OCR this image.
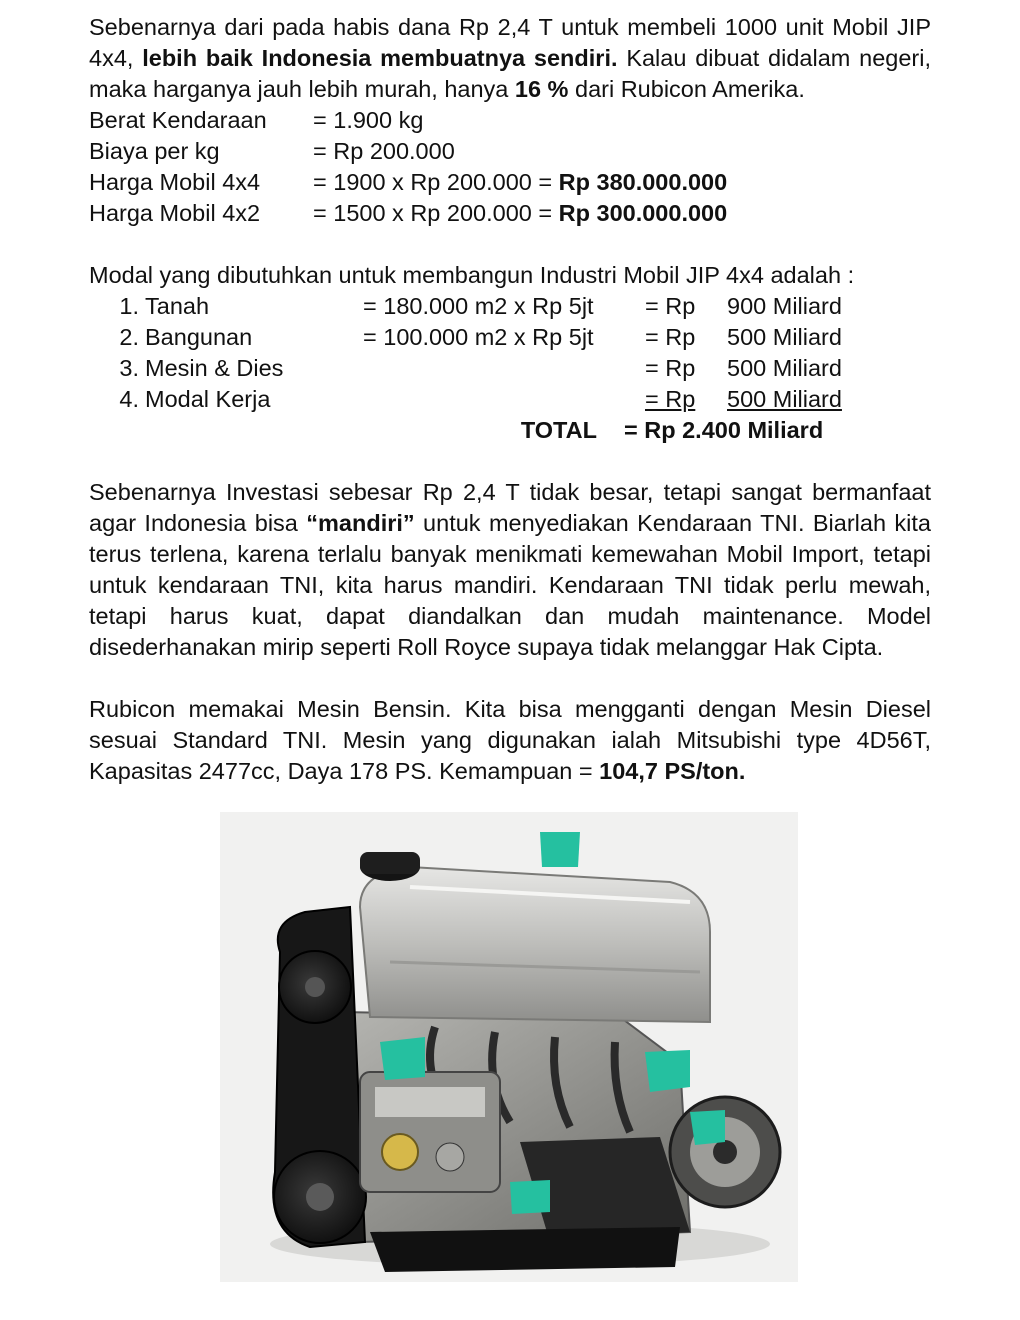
Sebenarnya dari pada habis dana Rp 2,4 T untuk membeli 1000 unit Mobil JIP 4x4, lebih baik Indonesia membuatnya sendiri. Kalau dibuat didalam negeri, maka harganya jauh lebih murah, hanya 16 % dari Rubicon Amerika.

Berat Kendaraan	= 1.900 kg
Biaya per kg	= Rp 200.000
Harga Mobil 4x4	= 1900 x Rp 200.000 = Rp 380.000.000
Harga Mobil 4x2	= 1500 x Rp 200.000 = Rp 300.000.000

Modal yang dibutuhkan untuk membangun Industri Mobil JIP 4x4 adalah :

1. Tanah	= 180.000 m2 x Rp 5jt	= Rp	900 Miliard
2. Bangunan	= 100.000 m2 x Rp 5jt	= Rp	500 Miliard
3. Mesin & Dies	= Rp	500 Miliard
4. Modal Kerja	= Rp	500 Miliard
TOTAL	= Rp 2.400 Miliard

Sebenarnya Investasi sebesar Rp 2,4 T tidak besar, tetapi sangat bermanfaat agar Indonesia bisa “mandiri” untuk menyediakan Kendaraan TNI. Biarlah kita terus terlena, karena terlalu banyak menikmati kemewahan Mobil Import, tetapi untuk kendaraan TNI, kita harus mandiri. Kendaraan TNI tidak perlu mewah, tetapi harus kuat, dapat diandalkan dan mudah maintenance. Model disederhanakan mirip seperti Roll Royce supaya tidak melanggar Hak Cipta.

Rubicon memakai Mesin Bensin. Kita bisa mengganti dengan Mesin Diesel sesuai Standard TNI. Mesin yang digunakan ialah Mitsubishi type 4D56T, Kapasitas 2477cc, Daya 178 PS. Kemampuan = 104,7 PS/ton.
